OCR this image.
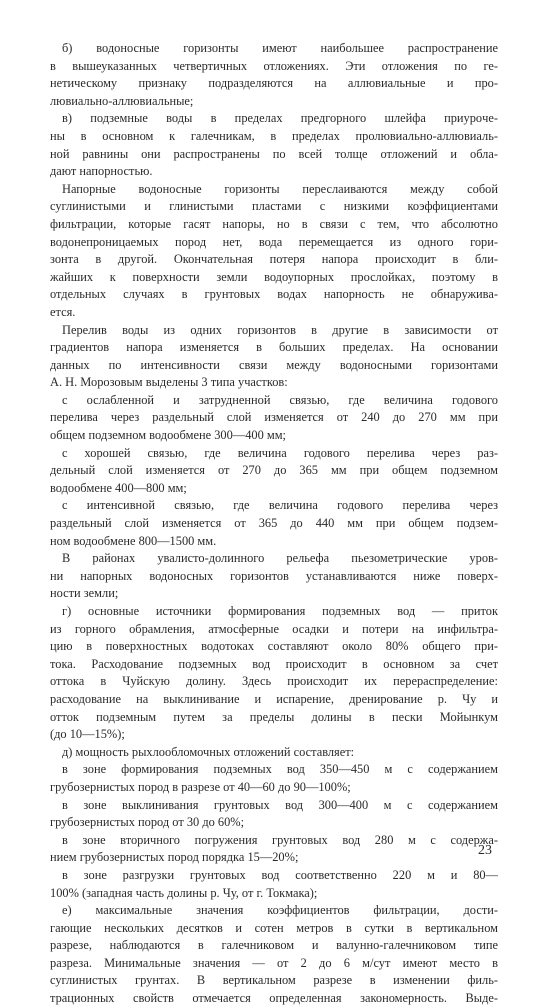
б) водоносные горизонты имеют наибольшее распространение
в вышеуказанных четвертичных отложениях. Эти отложения по ге-
нетическому признаку подразделяются на аллювиальные и про-
лювиально-аллювиальные;
в) подземные воды в пределах предгорного шлейфа приурoче-
ны в основном к галечникам, в пределах пролювиально-аллювиаль-
ной равнины они распространены по всей толще отложений и обла-
дают напорностью.
Напорные водоносные горизонты переслаиваются между собой
суглинистыми и глинистыми пластами с низкими коэффициентами
фильтрации, которые гасят напоры, но в связи с тем, что абсолютно
водонепроницаемых пород нет, вода перемещается из одного гори-
зонта в другой. Окончательная потеря напора происходит в бли-
жайших к поверхности земли водоупорных прослойках, поэтому в
отдельных случаях в грунтовых водах напорность не обнаружива-
ется.
Перелив воды из одних горизонтов в другие в зависимости от
градиентов напора изменяется в больших пределах. На основании
данных по интенсивности связи между водоносными горизонтами
А. Н. Морозовым выделены 3 типа участков:
с ослабленной и затрудненной связью, где величина годового
перелива через раздельный слой изменяется от 240 до 270 мм при
общем подземном водообмене 300—400 мм;
с хорошей связью, где величина годового перелива через раз-
дельный слой изменяется от 270 до 365 мм при общем подземном
водообмене 400—800 мм;
с интенсивной связью, где величина годового перелива через
раздельный слой изменяется от 365 до 440 мм при общем подзем-
ном водообмене 800—1500 мм.
В районах увалисто-долинного рельефа пьезометрические уров-
ни напорных водоносных горизонтов устанавливаются ниже поверх-
ности земли;
г) основные источники формирования подземных вод — приток
из горного обрамления, атмосферные осадки и потери на инфильтра-
цию в поверхностных водотоках составляют около 80% общего при-
тока. Расходование подземных вод происходит в основном за счет
оттока в Чуйскую долину. Здесь происходит их перераспределение:
расходование на выклинивание и испарение, дренирование р. Чу и
отток подземным путем за пределы долины в пески Мойынкум
(до 10—15%);
д) мощность рыхлообломочных отложений составляет:
в зоне формирования подземных вод 350—450 м с содержанием
грубозернистых пород в разрезе от 40—60 до 90—100%;
в зоне выклинивания грунтовых вод 300—400 м с содержанием
грубозернистых пород от 30 до 60%;
в зоне вторичного погружения грунтовых вод 280 м с содержа-
нием грубозернистых пород порядка 15—20%;
в зоне разгрузки грунтовых вод соответственно 220 м и 80—
100% (западная часть долины р. Чу, от г. Токмака);
е) максимальные значения коэффициентов фильтрации, дости-
гающие нескольких десятков и сотен метров в сутки в вертикальном
разрезе, наблюдаются в галечниковом и валунно-галечниковом типе
разреза. Минимальные значения — от 2 до 6 м/сут имеют место в
суглинистых грунтах. В вертикальном разрезе в изменении филь-
трационных свойств отмечается определенная закономерность. Выде-
23
